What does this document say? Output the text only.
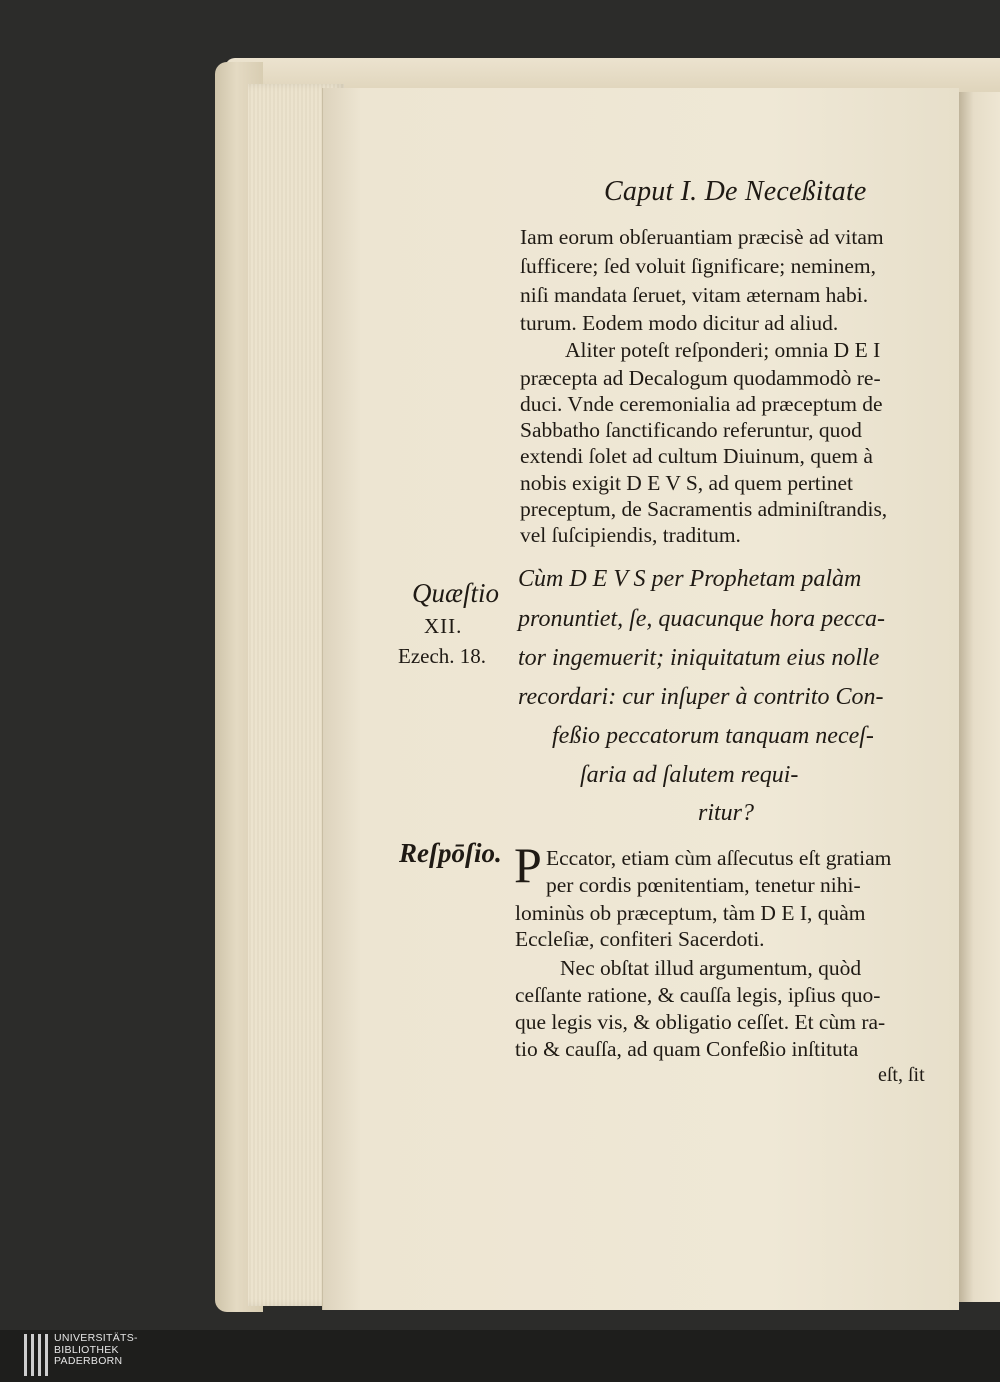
Caput I. De Neceßitate
Iam eorum obſeruantiam præcisè ad vitam
ſufficere; ſed voluit ſignificare; neminem,
niſi mandata ſeruet, vitam æternam habi.
turum. Eodem modo dicitur ad aliud.
Aliter poteſt reſponderi; omnia D E I
præcepta ad Decalogum quodammodò re-
duci. Vnde ceremonialia ad præceptum de
Sabbatho ſanctificando referuntur, quod
extendi ſolet ad cultum Diuinum, quem à
nobis exigit D E V S, ad quem pertinet
preceptum, de Sacramentis adminiſtrandis,
vel ſuſcipiendis, traditum.
Quæſtio
XII.
Ezech. 18.
Reſpōſio.
Cùm D E V S per Prophetam palàm
pronuntiet, ſe, quacunque hora pecca-
tor ingemuerit; iniquitatum eius nolle
recordari: cur inſuper à contrito Con-
feßio peccatorum tanquam neceſ-
ſaria ad ſalutem requi-
ritur?
P Eccator, etiam cùm aſſecutus eſt gratiam
per cordis pœnitentiam, tenetur nihi-
lominùs ob præceptum, tàm D E I, quàm
Eccleſiæ, confiteri Sacerdoti.
Nec obſtat illud argumentum, quòd
ceſſante ratione, & cauſſa legis, ipſius quo-
que legis vis, & obligatio ceſſet. Et cùm ra-
tio & cauſſa, ad quam Confeßio inſtituta
eſt, ſit
UNIVERSITÄTS-
BIBLIOTHEK
PADERBORN
